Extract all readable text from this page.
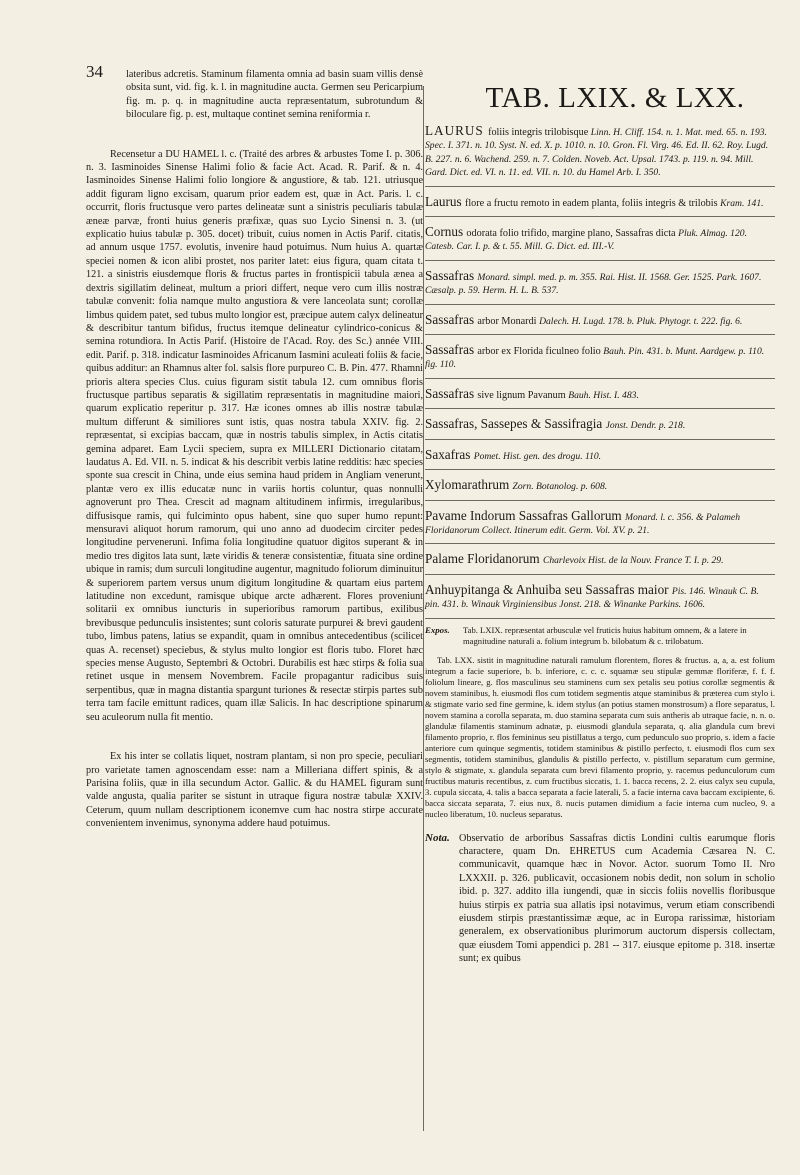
34	lateribus adcretis. Staminum filamenta omnia ad basin suam villis densè obsita sunt, vid. fig. k. l. in magnitudine aucta. Germen seu Pericarpium fig. m. p. q. in magnitudine aucta repræsentatum, subrotundum & biloculare fig. p. est, multaque continet semina reniformia r.

Recensetur a DU HAMEL l. c. (Traité des arbres & arbustes Tome I. p. 306. n. 3. Iasminoides Sinense Halimi folio & facie Act. Acad. R. Parif. & n. 4. Iasminoides Sinense Halimi folio longiore & angustiore, & tab. 121. utriusque addit figuram ligno excisam, quarum prior eadem est, quæ in Act. Paris. l. c. occurrit, floris fructusque vero partes delineatæ sunt a sinistris peculiaris tabulæ æneæ parvæ, fronti huius generis præfixæ, quas suo Lycio Sinensi n. 3. (ut explicatio huius tabulæ p. 305. docet) tribuit, cuius nomen in Actis Parif. citatis, ad annum usque 1757. evolutis, invenire haud potuimus. Num huius A. quartæ speciei nomen & icon alibi prostet, nos pariter latet: eius figura, quam citata t. 121. a sinistris eiusdemque floris & fructus partes in frontispicii tabula ænea a dextris sigillatim delineat, multum a priori differt, neque vero cum illis nostræ tabulæ convenit: folia namque multo angustiora & vere lanceolata sunt; corollæ limbus quidem patet, sed tubus multo longior est, præcipue autem calyx delineatur & describitur tantum bifidus, fructus itemque delineatur cylindrico-conicus & semina rotundiora. In Actis Parif. (Histoire de l'Acad. Roy. des Sc.) année VIII. edit. Parif. p. 318. indicatur Iasminoides Africanum Iasmini aculeati foliis & facie, quibus additur: an Rhamnus alter fol. salsis flore purpureo C. B. Pin. 477. Rhamni prioris altera species Clus. cuius figuram sistit tabula 12. cum omnibus floris fructusque partibus separatis & sigillatim repræsentatis in magnitudine maiori, quarum explicatio reperitur p. 317. Hæ icones omnes ab illis nostræ tabulæ multum differunt & similiores sunt istis, quas nostra tabula XXIV. fig. 2. repræsentat, si excipias baccam, quæ in nostris tabulis simplex, in Actis citatis gemina adparet. Eam Lycii speciem, supra ex MILLERI Dictionario citatam, laudatus A. Ed. VII. n. 5. indicat & his describit verbis latine redditis: hæc species sponte sua crescit in China, unde eius semina haud pridem in Angliam venerunt, plantæ vero ex illis educatæ nunc in variis hortis coluntur, quas nonnulli agnoverunt pro Thea. Crescit ad magnam altitudinem infirmis, irregularibus, diffusisque ramis, qui fulciminto opus habent, sine quo super humo repunt: mensuravi aliquot horum ramorum, qui uno anno ad duodecim circiter pedes longitudine perveneruni. Infima folia longitudine quatuor digitos superant & in medio tres digitos lata sunt, læte viridis & teneræ consistentiæ, fituata sine ordine ubique in ramis; dum surculi longitudine augentur, magnitudo foliorum diminuitur & superiorem partem versus unum digitum longitudine & quartam eius partem latitudine non excedunt, ramisque ubique arcte adhærent. Flores proveniunt solitarii ex omnibus iuncturis in superioribus ramorum partibus, exilibus brevibusque pedunculis insistentes; sunt coloris saturate purpurei & brevi gaudent tubo, limbus patens, latius se expandit, quam in omnibus antecedentibus (scilicet quas A. recenset) speciebus, & stylus multo longior est floris tubo. Floret hæc species mense Augusto, Septembri & Octobri. Durabilis est hæc stirps & folia sua retinet usque in mensem Novembrem. Facile propagantur radicibus suis serpentibus, quæ in magna distantia spargunt turiones & resectæ stirpis partes sub terra tam facile emittunt radices, quam illæ Salicis. In hac descriptione spinarum seu aculeorum nulla fit mentio.

Ex his inter se collatis liquet, nostram plantam, si non pro specie, peculiari pro varietate tamen agnoscendam esse: nam a Milleriana differt spinis, & a Parisina foliis, quæ in illa secundum Actor. Gallic. & du HAMEL figuram sunt valde angusta, qualia pariter se sistunt in utraque figura nostræ tabulæ XXIV. Ceterum, quum nullam descriptionem iconemve cum hac nostra stirpe accurate convenientem invenimus, synonyma addere haud potuimus.

TAB. LXIX. & LXX.
LAURUS foliis integris trilobisque Linn. H. Cliff. 154. n. 1. Mat. med. 65. n. 193. Spec. I. 371. n. 10. Syst. N. ed. X. p. 1010. n. 10. Gron. Fl. Virg. 46. Ed. II. 62. Roy. Lugd. B. 227. n. 6. Wachend. 259. n. 7. Colden. Noveb. Act. Upsal. 1743. p. 119. n. 94. Mill. Gard. Dict. ed. VI. n. 11. ed. VII. n. 10. du Hamel Arb. I. 350.
Laurus flore a fructu remoto in eadem planta, foliis integris & trilobis Kram. 141.
Cornus odorata folio trifido, margine plano, Sassafras dicta Pluk. Almag. 120. Catesb. Car. I. p. & t. 55. Mill. G. Dict. ed. III.-V.
Sassafras Monard. simpl. med. p. m. 355. Rai. Hist. II. 1568. Ger. 1525. Park. 1607. Cæsalp. p. 59. Herm. H. L. B. 537.
Sassafras arbor Monardi Dalech. H. Lugd. 178. b. Pluk. Phytogr. t. 222. fig. 6.
Sassafras arbor ex Florida ficulneo folio Bauh. Pin. 431. b. Munt. Aardgew. p. 110. fig. 110.
Sassafras sive lignum Pavanum Bauh. Hist. I. 483.
Sassafras, Sassepes & Sassifragia Jonst. Dendr. p. 218.
Saxafras Pomet. Hist. gen. des drogu. 110.
Xylomarathrum Zorn. Botanolog. p. 608.
Pavame Indorum Sassafras Gallorum Monard. l. c. 356. & Palameh Floridanorum Collect. Itinerum edit. Germ. Vol. XV. p. 21.
Palame Floridanorum Charlevoix Hist. de la Nouv. France T. I. p. 29.
Anhuypitanga & Anhuiba seu Sassafras maior Pis. 146. Winauk C. B. pin. 431. b. Winauk Virginiensibus Jonst. 218. & Winanke Parkins. 1606.
Expos.	Tab. LXIX. repræsentat arbusculæ vel fruticis huius habitum omnem, & a latere in magnitudine naturali a. folium integrum b. bilobatum & c. trilobatum.

Tab. LXX. sistit in magnitudine naturali ramulum florentem, flores & fructus. a, a, a. est folium integrum a facie superiore, b. b. inferiore, c. c. c. squamæ seu stipulæ gemmæ floriferæ, f. f. f. foliolum lineare, g. flos masculinus seu staminens cum sex petalis seu potius corollæ segmentis & novem staminibus, h. eiusmodi flos cum totidem segmentis atque staminibus & præterea cum stylo i. & stigmate vario sed fine germine, k. idem stylus (an potius stamen monstrosum) a flore separatus, l. novem stamina a corolla separata, m. duo stamina separata cum suis antheris ab utraque facie, n. n. o. glandulæ filamentis staminum adnatæ, p. eiusmodi glandula separata, q. alia glandula cum brevi filamento proprio, r. flos femininus seu pistillatus a tergo, cum pedunculo suo proprio, s. idem a facie anteriore cum quinque segmentis, totidem staminibus & pistillo perfecto, t. eiusmodi flos cum sex segmentis, totidem staminibus, glandulis & pistillo perfecto, v. pistillum separatum cum germine, stylo & stigmate, x. glandula separata cum brevi filamento proprio, y. racemus pedunculorum cum fructibus maturis recentibus, z. cum fructibus siccatis, 1. 1. bacca recens, 2. 2. eius calyx seu cupula, 3. cupula siccata, 4. talis a bacca separata a facie laterali, 5. a facie interna cava baccam excipiente, 6. bacca siccata separata, 7. eius nux, 8. nucis putamen dimidium a facie interna cum nucleo, 9. a nucleo liberatum, 10. nucleus separatus.

Nota. Observatio de arboribus Sassafras dictis Londini cultis earumque floris charactere, quam Dn. EHRETUS cum Academia Cæsarea N. C. communicavit, quamque hæc in Novor. Actor. suorum Tomo II. Nro LXXXII. p. 326. publicavit, occasionem nobis dedit, non solum in scholio ibid. p. 327. addito illa iungendi, quæ in siccis foliis novellis floribusque huius stirpis ex patria sua allatis ipsi notavimus, verum etiam conscribendi eiusdem stirpis præstantissimæ æque, ac in Europa rarissimæ, historiam generalem, ex observationibus plurimorum auctorum dispersis collectam, quæ eiusdem Tomi appendici p. 281 -- 317. eiusque epitome p. 318. insertæ sunt; ex quibus
